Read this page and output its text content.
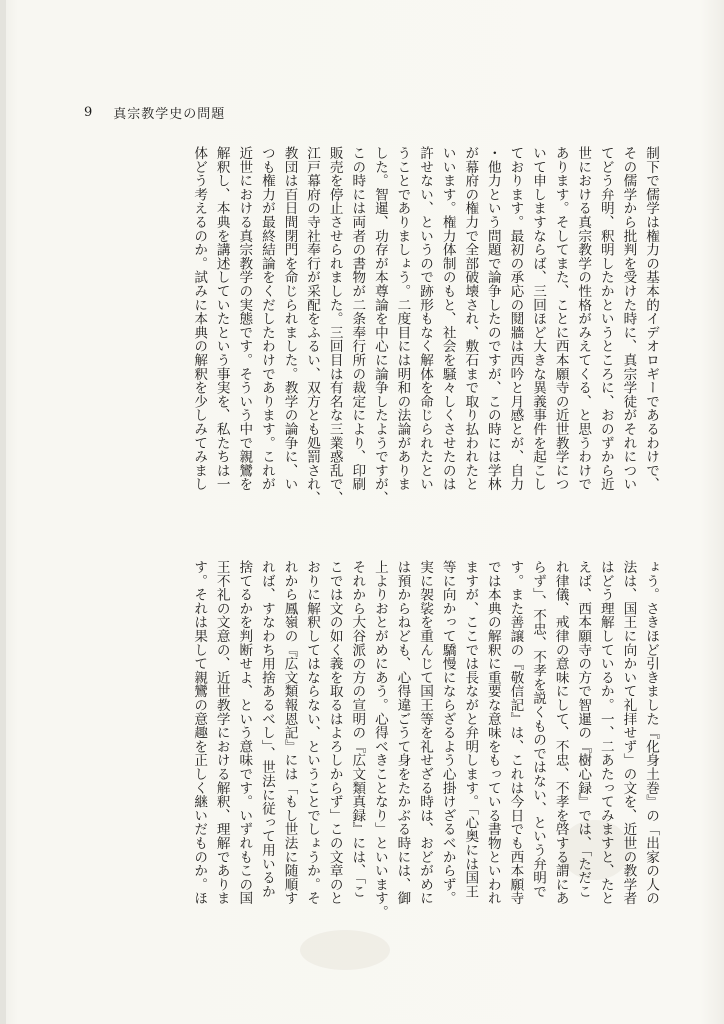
9 真宗教学史の問題

制下で儒学は権力の基本的イデオロギーであるわけで、

その儒学から批判を受けた時に、真宗学徒がそれについ

てどう弁明、釈明したかというところに、おのずから近

世における真宗教学の性格がみえてくる、と思うわけで

あります。そしてまた、ことに西本願寺の近世教学につ

いて申しますならば、三回ほど大きな異義事件を起こし

ております。最初の承応の鬩牆は西吟と月感とが、自力

・他力という問題で論争したのですが、この時には学林

が幕府の権力で全部破壊され、敷石まで取り払われたと

いいます。権力体制のもと、社会を騒々しくさせたのは

許せない、というので跡形もなく解体を命じられたとい

うことでありましょう。二度目には明和の法論がありま

した。智暹、功存が本尊論を中心に論争したようですが、

この時には両者の書物が二条奉行所の裁定により、印刷

販売を停止させられました。三回目は有名な三業惑乱で、

江戸幕府の寺社奉行が采配をふるい、双方とも処罰され、

教団は百日間閉門を命じられました。教学の論争に、い

つも権力が最終結論をくだしたわけであります。これが

近世における真宗教学の実態です。そういう中で親鸞を

解釈し、本典を講述していたという事実を、私たちは一

体どう考えるのか。試みに本典の解釈を少しみてみまし

ょう。さきほど引きました『化身土巻』の「出家の人の

法は、国王に向かいて礼拝せず」の文を、近世の教学者

はどう理解しているか。一、二あたってみますと、たと

えば、西本願寺の方で智暹の『樹心録』では、「ただこ

れ律儀、戒律の意味にして、不忠、不孝を啓する謂にあ

らず」、不忠、不孝を説くものではない、という弁明で

す。また善譲の『敬信記』は、これは今日でも西本願寺

では本典の解釈に重要な意味をもっている書物といわれ

ますが、ここでは長ながと弁明します。「心奥には国王

等に向かって驕慢にならざるよう心掛けざるべからず。

実に袈裟を重んじて国王等を礼せざる時は、おどがめに

は預からねども、心得違ごうて身をたかぶる時には、御

上よりおとがめにあう。心得べきことなり」といいます。

それから大谷派の方の宣明の『広文類真録』には、「こ

こでは文の如く義を取るはよろしからず」この文章のと

おりに解釈してはならない、ということでしょうか。そ

れから鳳嶺の『広文類報恩記』には「もし世法に随順す

れば、すなわち用捨あるべし」、世法に従って用いるか

捨てるかを判断せよ、という意味です。いずれもこの国

王不礼の文意の、近世教学における解釈、理解でありま

す。それは果して親鸞の意趣を正しく継いだものか。ほ
